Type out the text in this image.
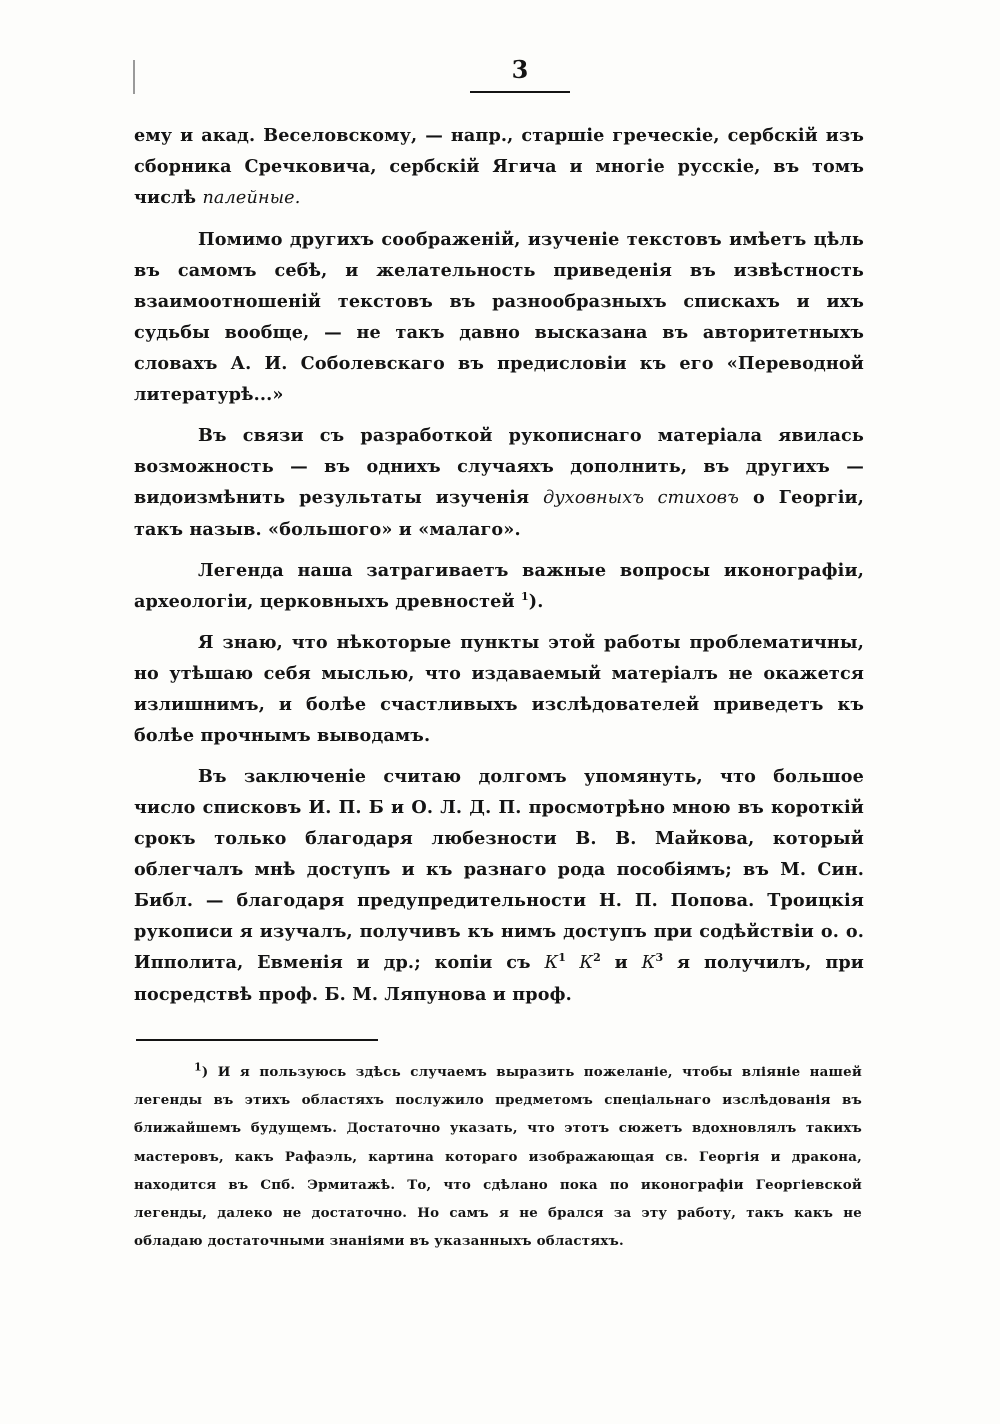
3

ему и акад. Веселовскому, — напр., старшіе греческіе, сербскій изъ сборника Сречковича, сербскій Ягича и многіе русскіе, въ томъ числѣ палейные.

Помимо другихъ соображеній, изученіе текстовъ имѣетъ цѣль въ самомъ себѣ, и желательность приведенія въ извѣстность взаимоотношеній текстовъ въ разнообразныхъ спискахъ и ихъ судьбы вообще, — не такъ давно высказана въ авторитетныхъ словахъ А. И. Соболевскаго въ предисловіи къ его «Переводной литературѣ...»

Въ связи съ разработкой рукописнаго матеріала явилась возможность — въ однихъ случаяхъ дополнить, въ другихъ — видоизмѣнить результаты изученія духовныхъ стиховъ о Георгіи, такъ назыв. «большого» и «малаго».

Легенда наша затрагиваетъ важные вопросы иконографіи, археологіи, церковныхъ древностей $^1$).

Я знаю, что нѣкоторые пункты этой работы проблематичны, но утѣшаю себя мыслью, что издаваемый матеріалъ не окажется излишнимъ, и болѣе счастливыхъ изслѣдователей приведетъ къ болѣе прочнымъ выводамъ.

Въ заключеніе считаю долгомъ упомянуть, что большое число списковъ И. П. Б и О. Л. Д. П. просмотрѣно мною въ короткій срокъ только благодаря любезности В. В. Майкова, который облегчалъ мнѣ доступъ и къ разнаго рода пособіямъ; въ М. Син. Библ. — благодаря предупредительности Н. П. Попова. Троицкія рукописи я изучалъ, получивъ къ нимъ доступъ при содѣйствіи о. о. Ипполита, Евменія и др.; копіи съ $К^1$ $К^2$ и $К^3$ я получилъ, при посредствѣ проф. Б. М. Ляпунова и проф.

$^1$) И я пользуюсь здѣсь случаемъ выразить пожеланіе, чтобы вліяніе нашей легенды въ этихъ областяхъ послужило предметомъ спеціальнаго изслѣдованія въ ближайшемъ будущемъ. Достаточно указать, что этотъ сюжетъ вдохновлялъ такихъ мастеровъ, какъ Рафаэль, картина котораго изображающая св. Георгія и дракона, находится въ Спб. Эрмитажѣ. То, что сдѣлано пока по иконографіи Георгіевской легенды, далеко не достаточно. Но самъ я не брался за эту работу, такъ какъ не обладаю достаточными знаніями въ указанныхъ областяхъ.
